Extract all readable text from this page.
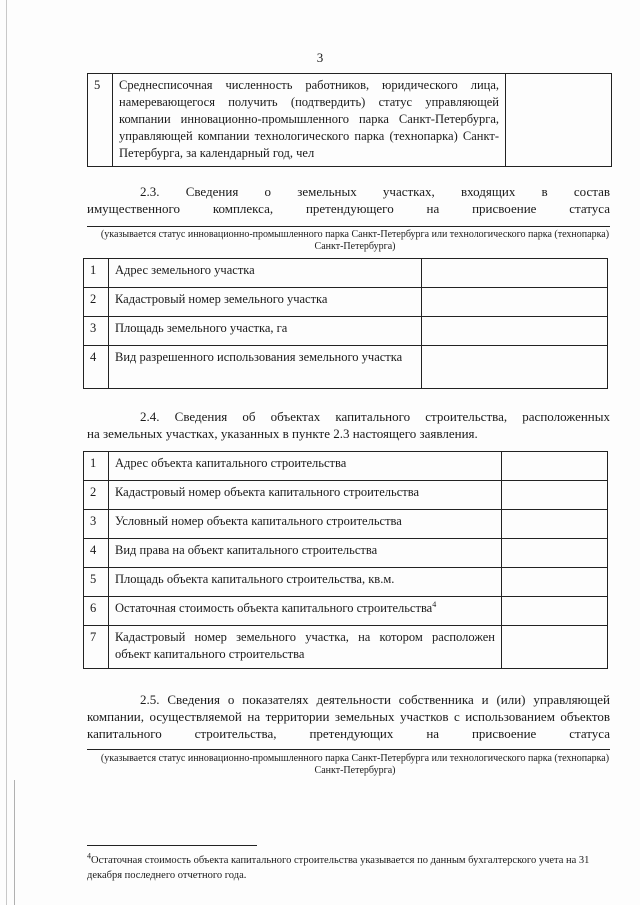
3
5	Среднесписочная численность работников, юридического лица, намеревающегося получить (подтвердить) статус управляющей компании инновационно-промышленного парка Санкт-Петербурга, управляющей компании технологического парка (технопарка) Санкт-Петербурга, за календарный год, чел	
2.3. Сведения о земельных участках, входящих в состав
имущественного комплекса, претендующего на присвоение статуса
(указывается статус инновационно-промышленного парка Санкт-Петербурга или технологического парка (технопарка) Санкт-Петербурга)
1	Адрес земельного участка	
2	Кадастровый номер земельного участка	
3	Площадь земельного участка, га	
4	Вид разрешенного использования земельного участка	
2.4. Сведения об объектах капитального строительства, расположенных
на земельных участках, указанных в пункте 2.3 настоящего заявления.
1	Адрес объекта капитального строительства	
2	Кадастровый номер объекта капитального строительства	
3	Условный номер объекта капитального строительства	
4	Вид права на объект капитального строительства	
5	Площадь объекта капитального строительства, кв.м.	
6	Остаточная стоимость объекта капитального строительства$^4$	
7	Кадастровый номер земельного участка, на котором расположен объект капитального строительства	
2.5. Сведения о показателях деятельности собственника и (или) управляющей
компании, осуществляемой на территории земельных участков с использованием объектов
капитального строительства, претендующих на присвоение статуса
(указывается статус инновационно-промышленного парка Санкт-Петербурга или технологического парка (технопарка) Санкт-Петербурга)
$^4$Остаточная стоимость объекта капитального строительства указывается по данным бухгалтерского учета на 31 декабря последнего отчетного года.
